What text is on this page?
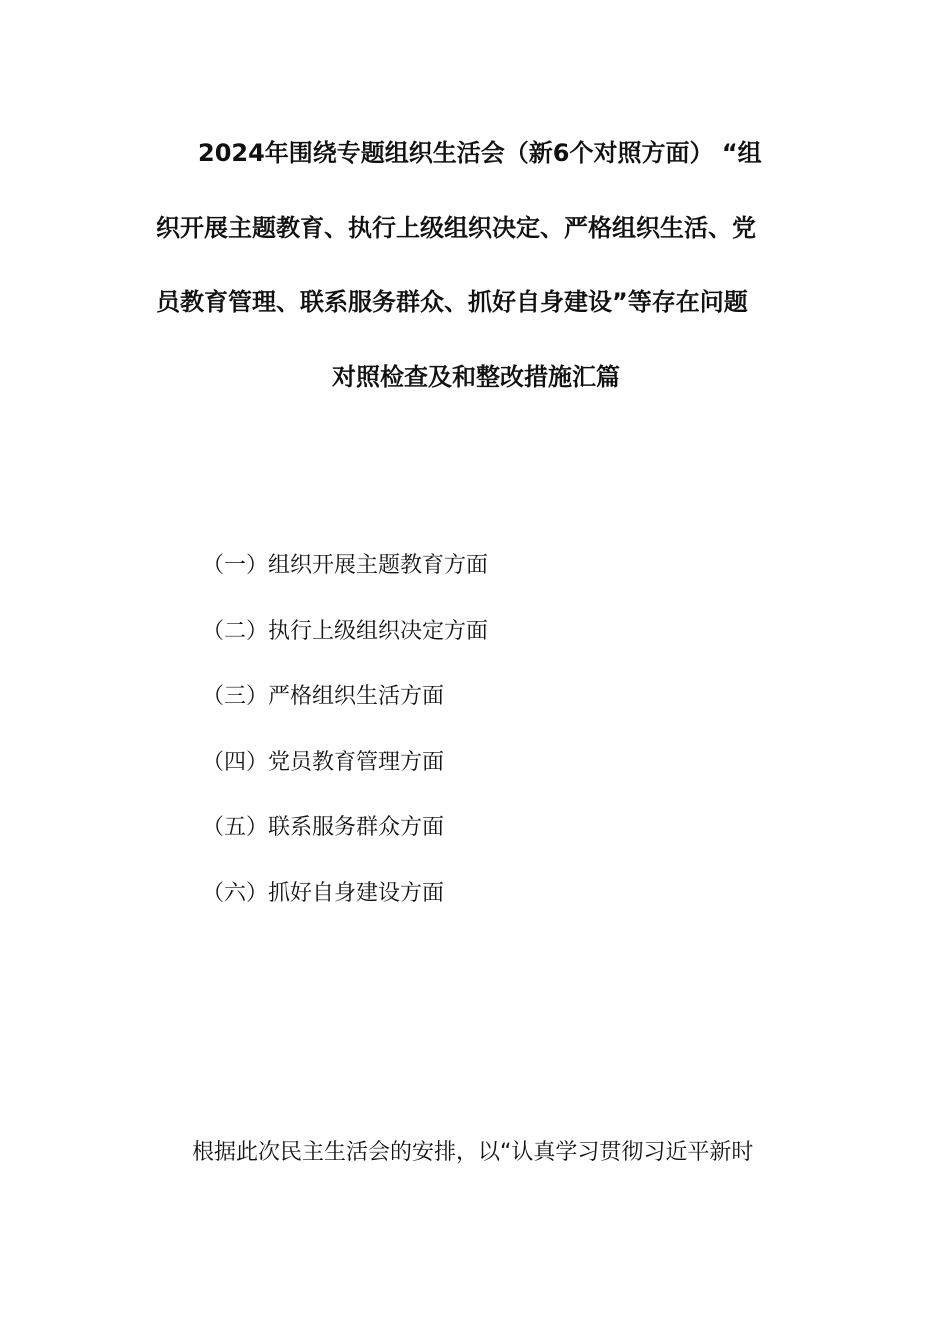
2024年围绕专题组织生活会（新6个对照方面） “组
织开展主题教育、执行上级组织决定、严格组织生活、党
员教育管理、联系服务群众、抓好自身建设”等存在问题
对照检查及和整改措施汇篇
（一）组织开展主题教育方面
（二）执行上级组织决定方面
（三）严格组织生活方面
（四）党员教育管理方面
（五）联系服务群众方面
（六）抓好自身建设方面
根据此次民主生活会的安排，以“认真学习贯彻习近平新时
